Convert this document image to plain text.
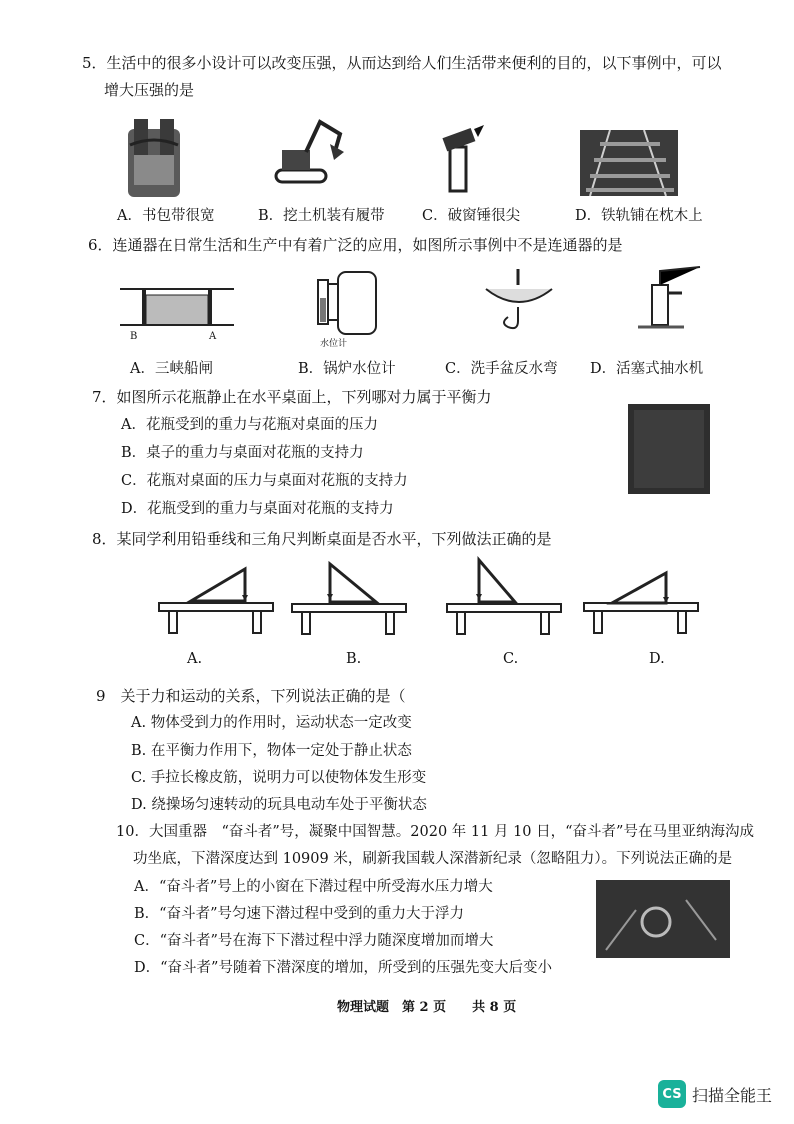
5．生活中的很多小设计可以改变压强，从而达到给人们生活带来便利的目的，以下事例中，可以
增大压强的是
A．书包带很宽	B．挖土机装有履带	C．破窗锤很尖	D．铁轨铺在枕木上
6．连通器在日常生活和生产中有着广泛的应用，如图所示事例中不是连通器的是
B	A
水位计
A．三峡船闸	B．锅炉水位计	C．洗手盆反水弯 D．活塞式抽水机
7．如图所示花瓶静止在水平桌面上，下列哪对力属于平衡力
A．花瓶受到的重力与花瓶对桌面的压力
B．桌子的重力与桌面对花瓶的支持力
C．花瓶对桌面的压力与桌面对花瓶的支持力
D．花瓶受到的重力与桌面对花瓶的支持力
8．某同学利用铅垂线和三角尺判断桌面是否水平，下列做法正确的是
A.	B.	C.	D.
9　关于力和运动的关系，下列说法正确的是（
A. 物体受到力的作用时，运动状态一定改变
B. 在平衡力作用下，物体一定处于静止状态
C. 手拉长橡皮筋，说明力可以使物体发生形变
D. 绕操场匀速转动的玩具电动车处于平衡状态
10．大国重器　“奋斗者”号，凝聚中国智慧。2020 年 11 月 10 日，“奋斗者”号在马里亚纳海沟成
功坐底，下潜深度达到 10909 米，刷新我国载人深潜新纪录（忽略阻力）。下列说法正确的是
A．“奋斗者”号上的小窗在下潜过程中所受海水压力增大
B．“奋斗者”号匀速下潜过程中受到的重力大于浮力
C．“奋斗者”号在海下下潜过程中浮力随深度增加而增大
D．“奋斗者”号随着下潜深度的增加，所受到的压强先变大后变小
物理试题　第 2 页　　共 8 页
CS 扫描全能王
